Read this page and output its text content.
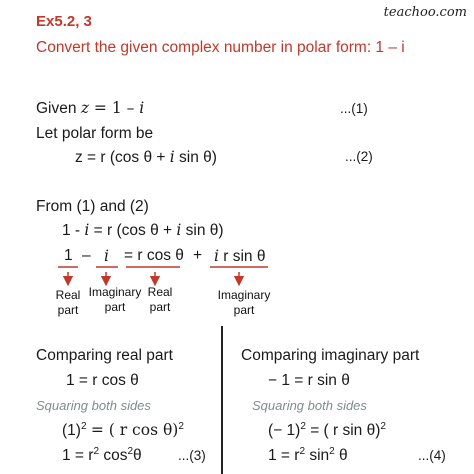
Ex5.2, 3
Convert the given complex number in polar form: 1 – i
teachoo.com
Given z = 1 – i	...(1)
Let polar form be
z = r (cos θ + i sin θ)	...(2)
From (1) and (2)
1 - i = r (cos θ + i sin θ)
1 – i = r cos θ + i r sin θ
Real
part
Imaginary
part
Real
part
Imaginary
part
Comparing real part
1 = r cos θ
Squaring both sides
$(1)^2$ = ( r cos θ)$^2$
$1 = r^2$ $\cos^2\theta$	...(3)
Comparing imaginary part
− 1 = r sin θ
Squaring both sides
(− 1)$^2$ = ( r sin θ)$^2$
$1 = r^2$ $\sin^2 \theta$	...(4)
